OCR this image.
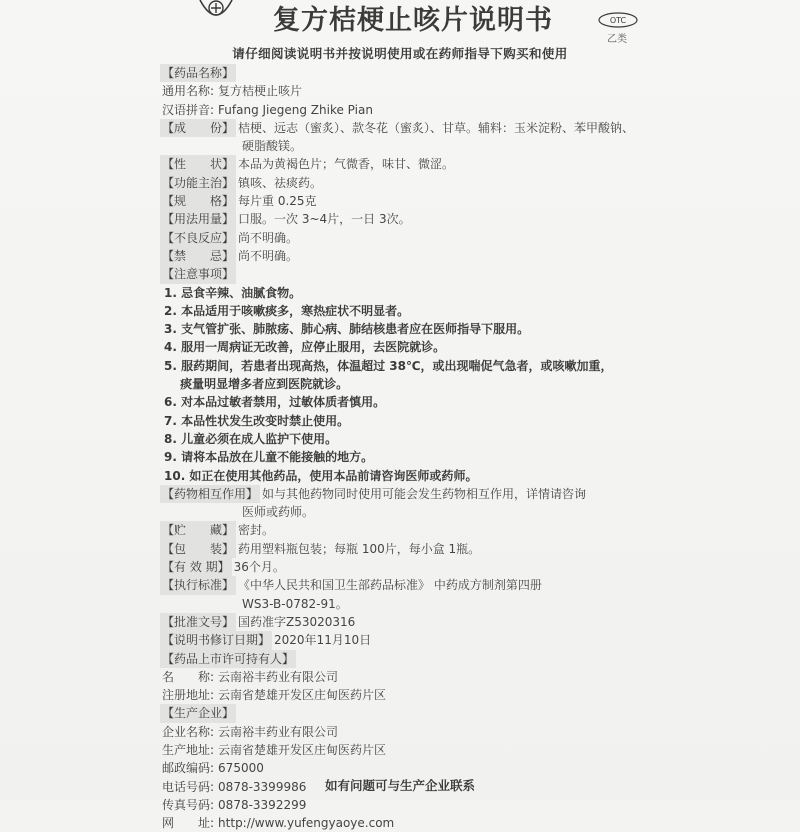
复方桔梗止咳片说明书	OTC
乙类
请仔细阅读说明书并按说明使用或在药师指导下购买和使用
【药品名称】
通用名称: 复方桔梗止咳片
汉语拼音: Fufang Jiegeng Zhike Pian
【成　　份】 桔梗、远志（蜜炙）、款冬花（蜜炙）、甘草。辅料：玉米淀粉、苯甲酸钠、
硬脂酸镁。
【性　　状】 本品为黄褐色片；气微香，味甘、微涩。
【功能主治】 镇咳、祛痰药。
【规　　格】 每片重 0.25克
【用法用量】 口服。一次 3~4片，一日 3次。
【不良反应】 尚不明确。
【禁　　忌】 尚不明确。
【注意事项】
1. 忌食辛辣、油腻食物。
2. 本品适用于咳嗽痰多，寒热症状不明显者。
3. 支气管扩张、肺脓疡、肺心病、肺结核患者应在医师指导下服用。
4. 服用一周病证无改善，应停止服用，去医院就诊。
5. 服药期间，若患者出现高热，体温超过 38℃，或出现喘促气急者，或咳嗽加重，
　 痰量明显增多者应到医院就诊。
6. 对本品过敏者禁用，过敏体质者慎用。
7. 本品性状发生改变时禁止使用。
8. 儿童必须在成人监护下使用。
9. 请将本品放在儿童不能接触的地方。
10. 如正在使用其他药品，使用本品前请咨询医师或药师。
【药物相互作用】 如与其他药物同时使用可能会发生药物相互作用，详情请咨询
医师或药师。
【贮　　藏】 密封。
【包　　装】 药用塑料瓶包装；每瓶 100片，每小盒 1瓶。
【有 效 期】 36个月。
【执行标准】 《中华人民共和国卫生部药品标准》 中药成方制剂第四册
WS3-B-0782-91。
【批准文号】 国药准字Z53020316
【说明书修订日期】 2020年11月10日
【药品上市许可持有人】
名　　称: 云南裕丰药业有限公司
注册地址: 云南省楚雄开发区庄甸医药片区
【生产企业】
企业名称: 云南裕丰药业有限公司
生产地址: 云南省楚雄开发区庄甸医药片区
邮政编码: 675000
电话号码: 0878-3399986
传真号码: 0878-3392299
网　　址: http://www.yufengyaoye.com
如有问题可与生产企业联系
